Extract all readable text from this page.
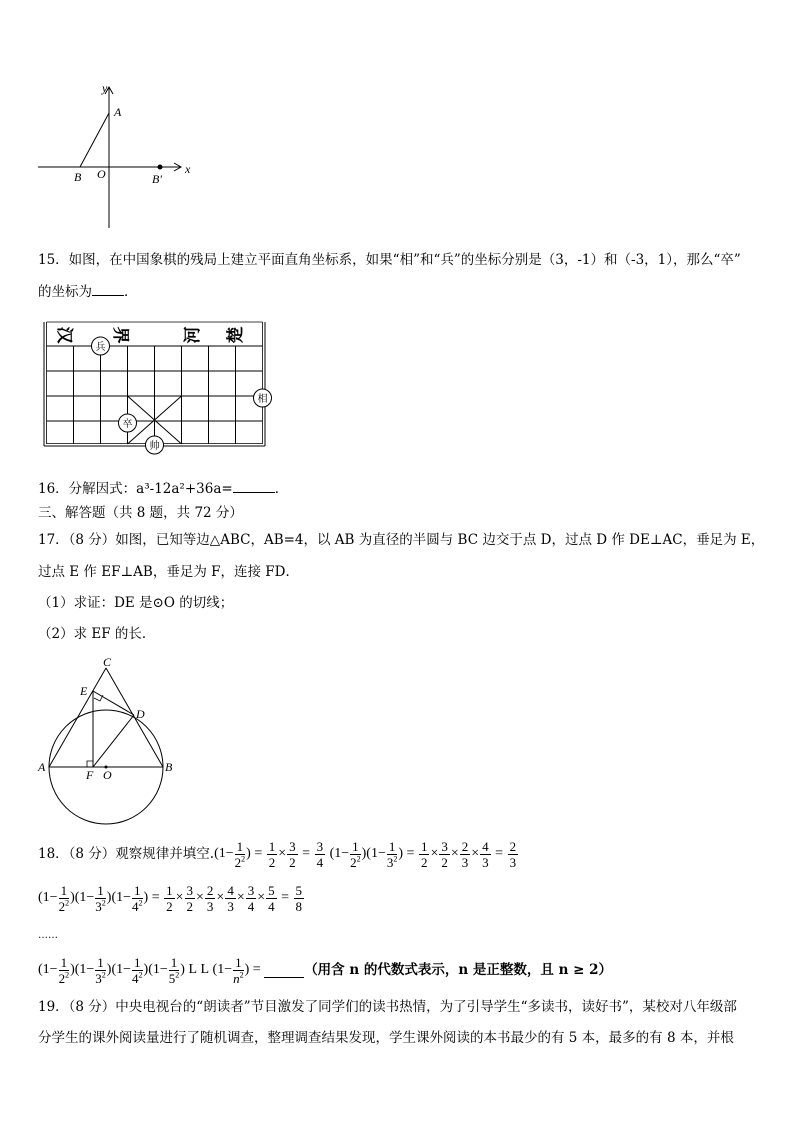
y
A
x
B O	B′
15．如图，在中国象棋的残局上建立平面直角坐标系，如果“相”和“兵”的坐标分别是（3，-1）和（-3，1），那么“卒”
的坐标为 ．
汉 界	河 楚
兵
相
卒
帅
16．分解因式：a³-12a²+36a=	．
三、解答题（共 8 题，共 72 分）
17．（8 分）如图，已知等边△ABC，AB=4，以 AB 为直径的半圆与 BC 边交于点 D，过点 D 作 DE⊥AC，垂足为 E，
过点 E 作 EF⊥AB，垂足为 F，连接 FD．
（1）求证：DE 是⊙O 的切线；
（2）求 EF 的长．
C
E
D
A
F O
B
18．（8 分）观察规律并填空. ($1- \frac{1}{2^2}$ ) = $\frac{1}{2} \times \frac{3}{2} = \frac{3}{4} (1- \frac{1}{2^2} )(1- \frac{1}{3^2}$ ) = $\frac{1}{2} \times \frac{3}{2} \times \frac{2}{3} \times \frac{4}{3} = \frac{2}{3}$
$(1- \frac{1}{2^2} )(1- \frac{1}{3^2} )(1- \frac{1}{4^2}$ ) = $\frac{1}{2} \times \frac{3}{2} \times \frac{2}{3} \times \frac{4}{3} \times \frac{3}{4} \times \frac{5}{4} = \frac{5}{8}$
……
$(1- \frac{1}{2^2} )(1- \frac{1}{3^2} )(1- \frac{1}{4^2} )(1- \frac{1}{5^2}$ ) L L ($1- \frac{1}{n^2}$ ) =	（用含 n 的代数式表示，n 是正整数，且 n ≥ 2）
19．（8 分）中央电视台的“朗读者”节目激发了同学们的读书热情，为了引导学生“多读书，读好书”，某校对八年级部
分学生的课外阅读量进行了随机调查，整理调查结果发现，学生课外阅读的本书最少的有 5 本，最多的有 8 本，并根
